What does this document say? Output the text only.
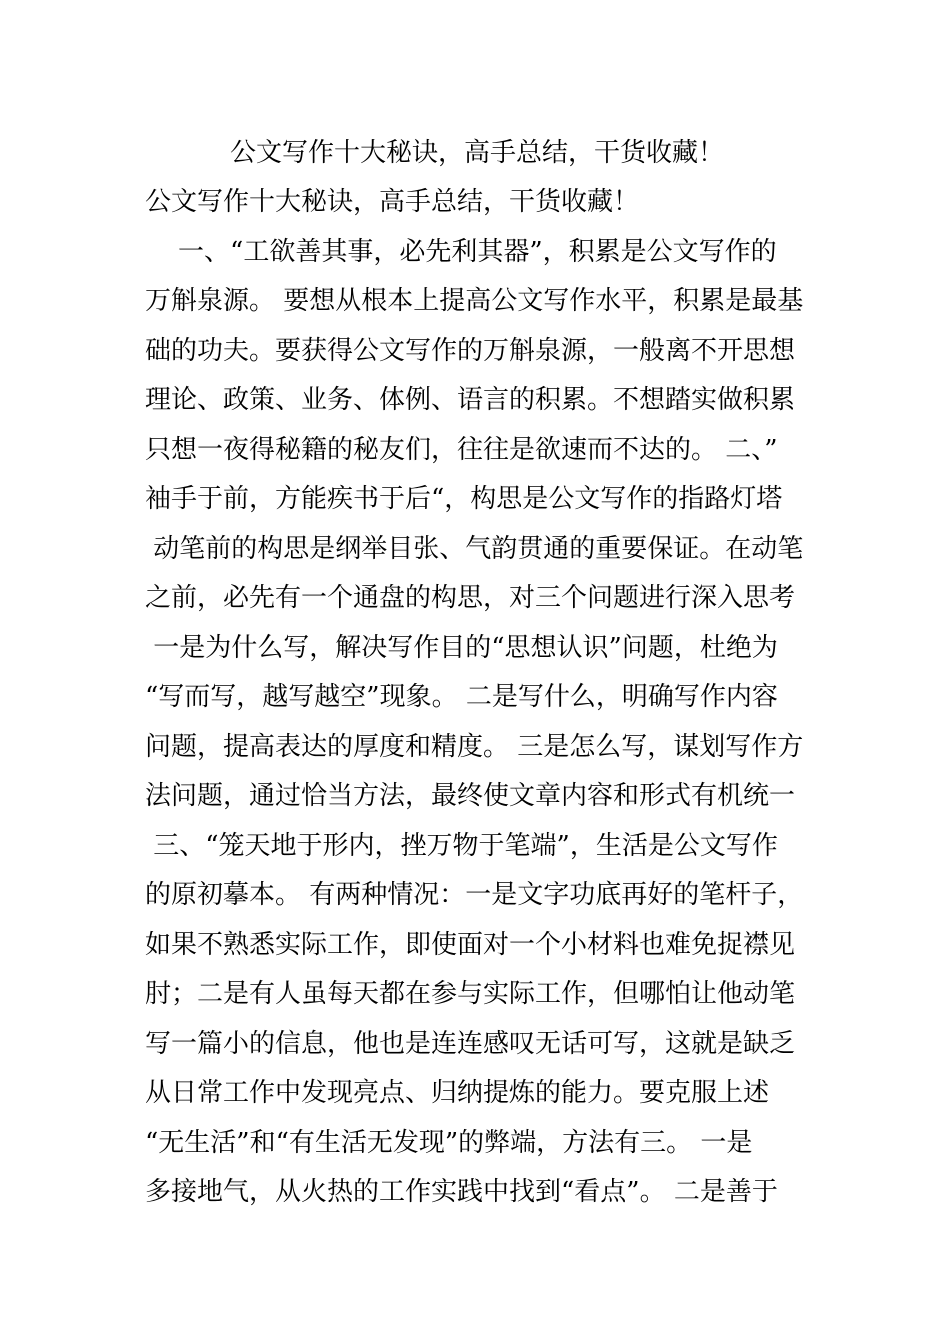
公文写作十大秘诀，高手总结，干货收藏！
公文写作十大秘诀，高手总结，干货收藏！
一、“工欲善其事，必先利其器”，积累是公文写作的
万斛泉源。 要想从根本上提高公文写作水平，积累是最基
础的功夫。要获得公文写作的万斛泉源，一般离不开思想
理论、政策、业务、体例、语言的积累。不想踏实做积累
只想一夜得秘籍的秘友们，往往是欲速而不达的。 二、”
袖手于前，方能疾书于后“，构思是公文写作的指路灯塔
动笔前的构思是纲举目张、气韵贯通的重要保证。在动笔
之前，必先有一个通盘的构思，对三个问题进行深入思考
一是为什么写，解决写作目的“思想认识”问题，杜绝为
“写而写，越写越空”现象。 二是写什么，明确写作内容
问题，提高表达的厚度和精度。 三是怎么写，谋划写作方
法问题，通过恰当方法，最终使文章内容和形式有机统一
三、“笼天地于形内，挫万物于笔端”，生活是公文写作
的原初摹本。 有两种情况：一是文字功底再好的笔杆子，
如果不熟悉实际工作，即使面对一个小材料也难免捉襟见
肘；二是有人虽每天都在参与实际工作，但哪怕让他动笔
写一篇小的信息，他也是连连感叹无话可写，这就是缺乏
从日常工作中发现亮点、归纳提炼的能力。要克服上述
“无生活”和“有生活无发现”的弊端，方法有三。 一是
多接地气，从火热的工作实践中找到“看点”。 二是善于
